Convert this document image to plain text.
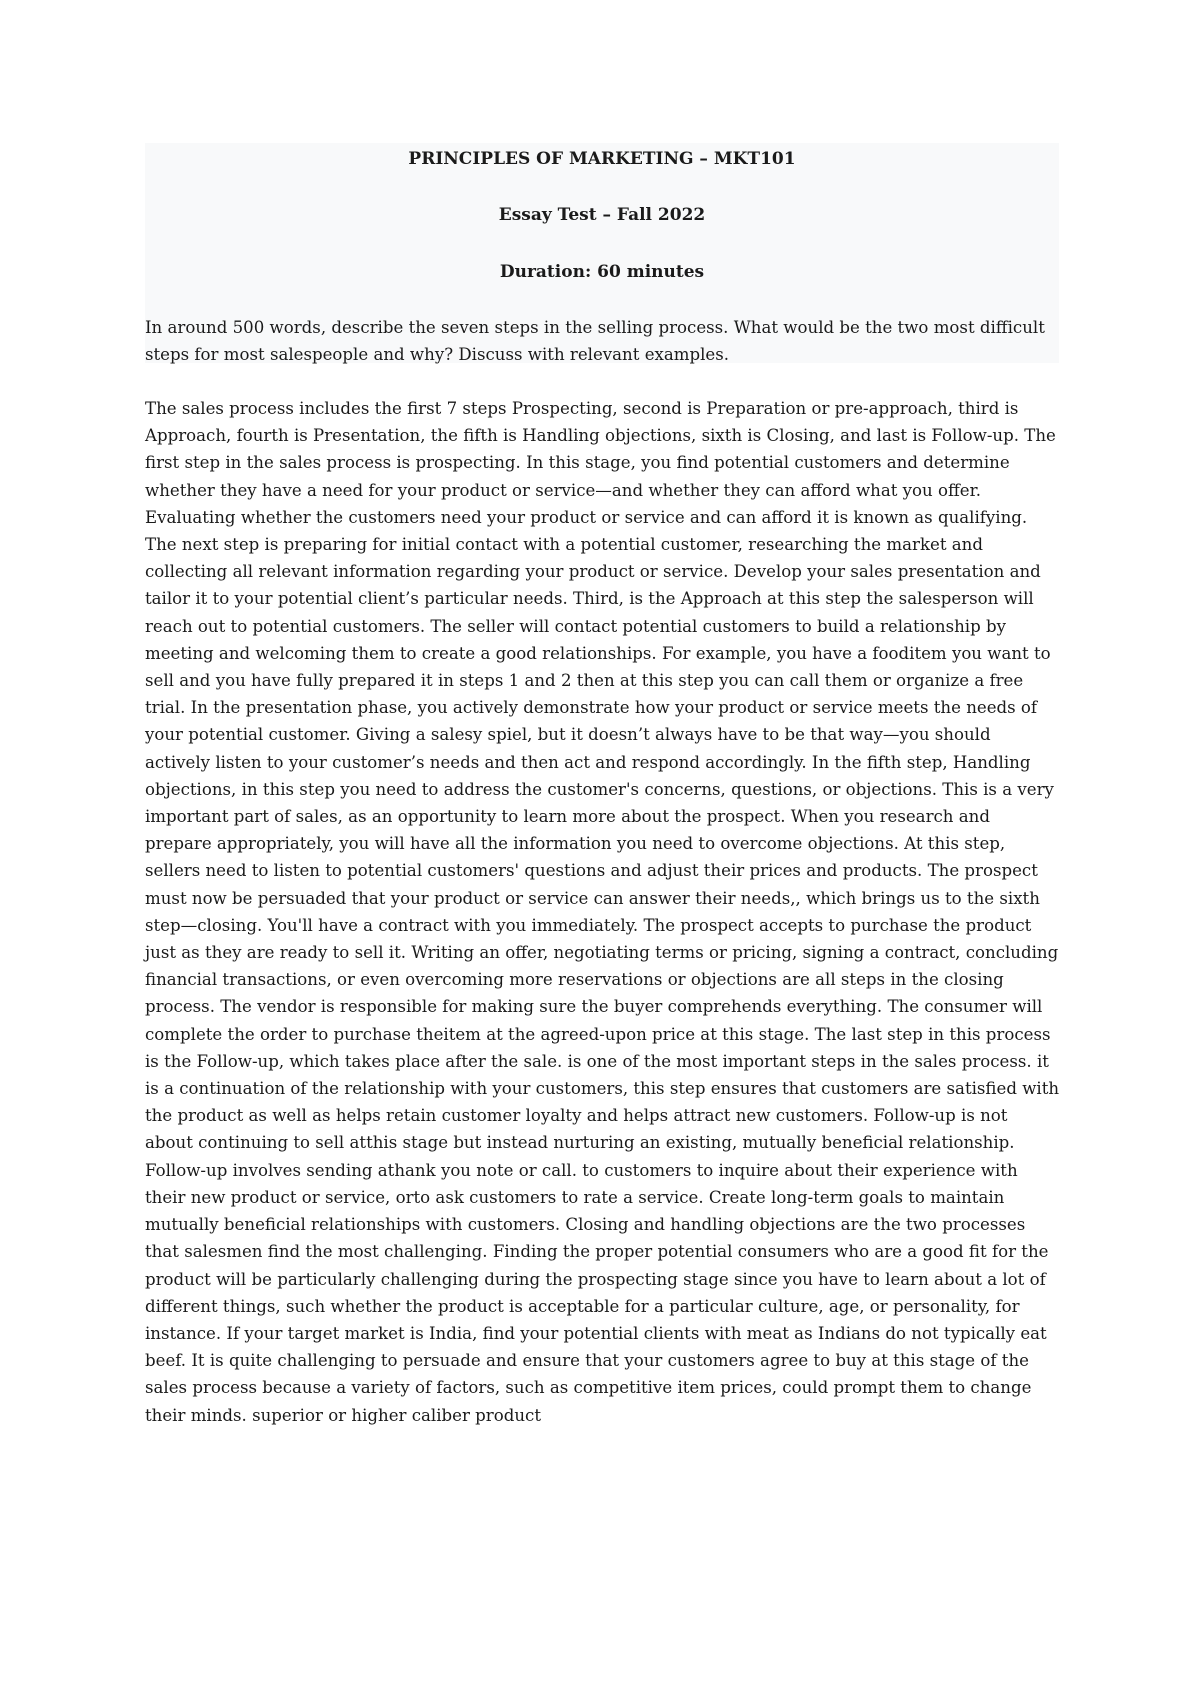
PRINCIPLES OF MARKETING – MKT101
Essay Test – Fall 2022
Duration: 60 minutes

In around 500 words, describe the seven steps in the selling process. What would be the two most difficult steps for most salespeople and why? Discuss with relevant examples.

The sales process includes the first 7 steps Prospecting, second is Preparation or pre-approach, third is Approach, fourth is Presentation, the fifth is Handling objections, sixth is Closing, and last is Follow-up. The first step in the sales process is prospecting. In this stage, you find potential customers and determine whether they have a need for your product or service—and whether they can afford what you offer. Evaluating whether the customers need your product or service and can afford it is known as qualifying. The next step is preparing for initial contact with a potential customer, researching the market and collecting all relevant information regarding your product or service. Develop your sales presentation and tailor it to your potential client’s particular needs. Third, is the Approach at this step the salesperson will reach out to potential customers. The seller will contact potential customers to build a relationship by meeting and welcoming them to create a good relationships. For example, you have a fooditem you want to sell and you have fully prepared it in steps 1 and 2 then at this step you can call them or organize a free trial. In the presentation phase, you actively demonstrate how your product or service meets the needs of your potential customer. Giving a salesy spiel, but it doesn’t always have to be that way—you should actively listen to your customer’s needs and then act and respond accordingly. In the fifth step, Handling objections, in this step you need to address the customer's concerns, questions, or objections. This is a very important part of sales, as an opportunity to learn more about the prospect. When you research and prepare appropriately, you will have all the information you need to overcome objections. At this step, sellers need to listen to potential customers' questions and adjust their prices and products. The prospect must now be persuaded that your product or service can answer their needs,, which brings us to the sixth step—closing. You'll have a contract with you immediately. The prospect accepts to purchase the product just as they are ready to sell it. Writing an offer, negotiating terms or pricing, signing a contract, concluding financial transactions, or even overcoming more reservations or objections are all steps in the closing process. The vendor is responsible for making sure the buyer comprehends everything. The consumer will complete the order to purchase theitem at the agreed-upon price at this stage. The last step in this process is the Follow-up, which takes place after the sale. is one of the most important steps in the sales process. it is a continuation of the relationship with your customers, this step ensures that customers are satisfied with the product as well as helps retain customer loyalty and helps attract new customers. Follow-up is not about continuing to sell atthis stage but instead nurturing an existing, mutually beneficial relationship. Follow-up involves sending athank you note or call. to customers to inquire about their experience with their new product or service, orto ask customers to rate a service. Create long-term goals to maintain mutually beneficial relationships with customers. Closing and handling objections are the two processes that salesmen find the most challenging. Finding the proper potential consumers who are a good fit for the product will be particularly challenging during the prospecting stage since you have to learn about a lot of different things, such whether the product is acceptable for a particular culture, age, or personality, for instance. If your target market is India, find your potential clients with meat as Indians do not typically eat beef. It is quite challenging to persuade and ensure that your customers agree to buy at this stage of the sales process because a variety of factors, such as competitive item prices, could prompt them to change their minds. superior or higher caliber product
